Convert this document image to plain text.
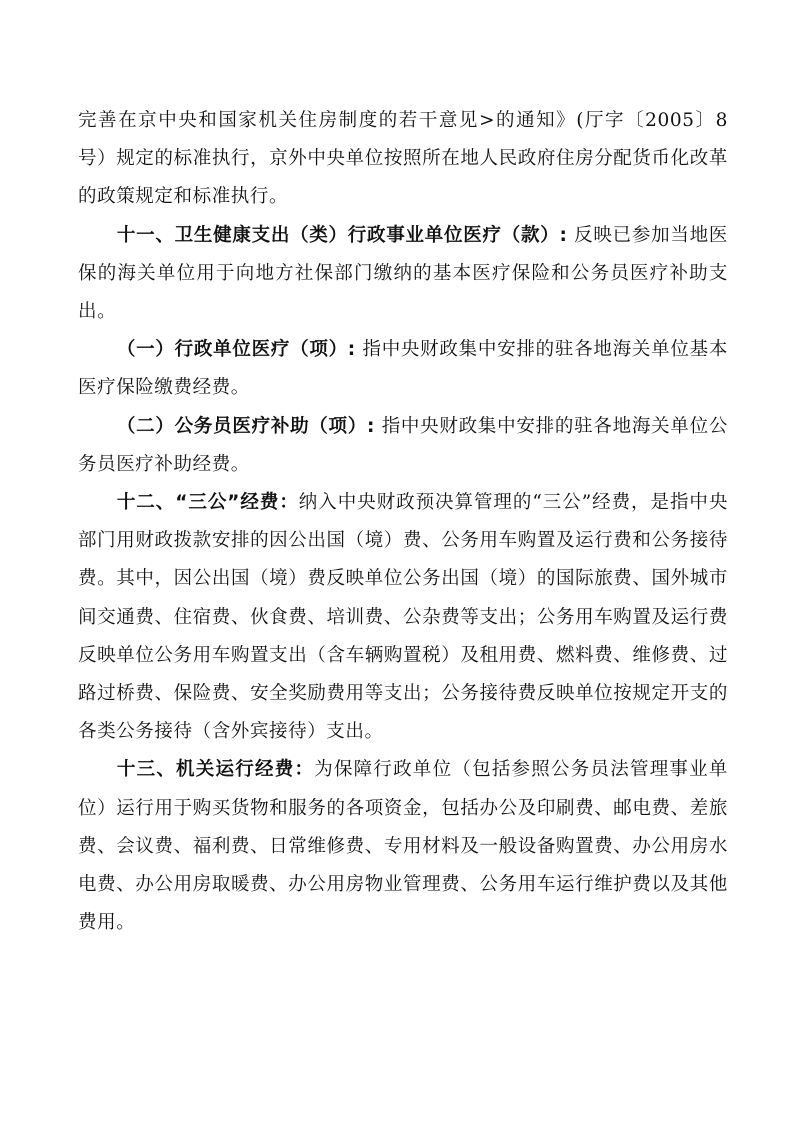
完善在京中央和国家机关住房制度的若干意见>的通知》(厅字〔2005〕8 号）规定的标准执行，京外中央单位按照所在地人民政府住房分配货币化改革的政策规定和标准执行。

十一、卫生健康支出（类）行政事业单位医疗（款）: 反映已参加当地医保的海关单位用于向地方社保部门缴纳的基本医疗保险和公务员医疗补助支出。

（一）行政单位医疗（项）: 指中央财政集中安排的驻各地海关单位基本医疗保险缴费经费。

（二）公务员医疗补助（项）: 指中央财政集中安排的驻各地海关单位公务员医疗补助经费。

十二、“三公”经费：纳入中央财政预决算管理的“三公”经费，是指中央部门用财政拨款安排的因公出国（境）费、公务用车购置及运行费和公务接待费。其中，因公出国（境）费反映单位公务出国（境）的国际旅费、国外城市间交通费、住宿费、伙食费、培训费、公杂费等支出；公务用车购置及运行费反映单位公务用车购置支出（含车辆购置税）及租用费、燃料费、维修费、过路过桥费、保险费、安全奖励费用等支出；公务接待费反映单位按规定开支的各类公务接待（含外宾接待）支出。

十三、机关运行经费：为保障行政单位（包括参照公务员法管理事业单位）运行用于购买货物和服务的各项资金，包括办公及印刷费、邮电费、差旅费、会议费、福利费、日常维修费、专用材料及一般设备购置费、办公用房水电费、办公用房取暖费、办公用房物业管理费、公务用车运行维护费以及其他费用。
